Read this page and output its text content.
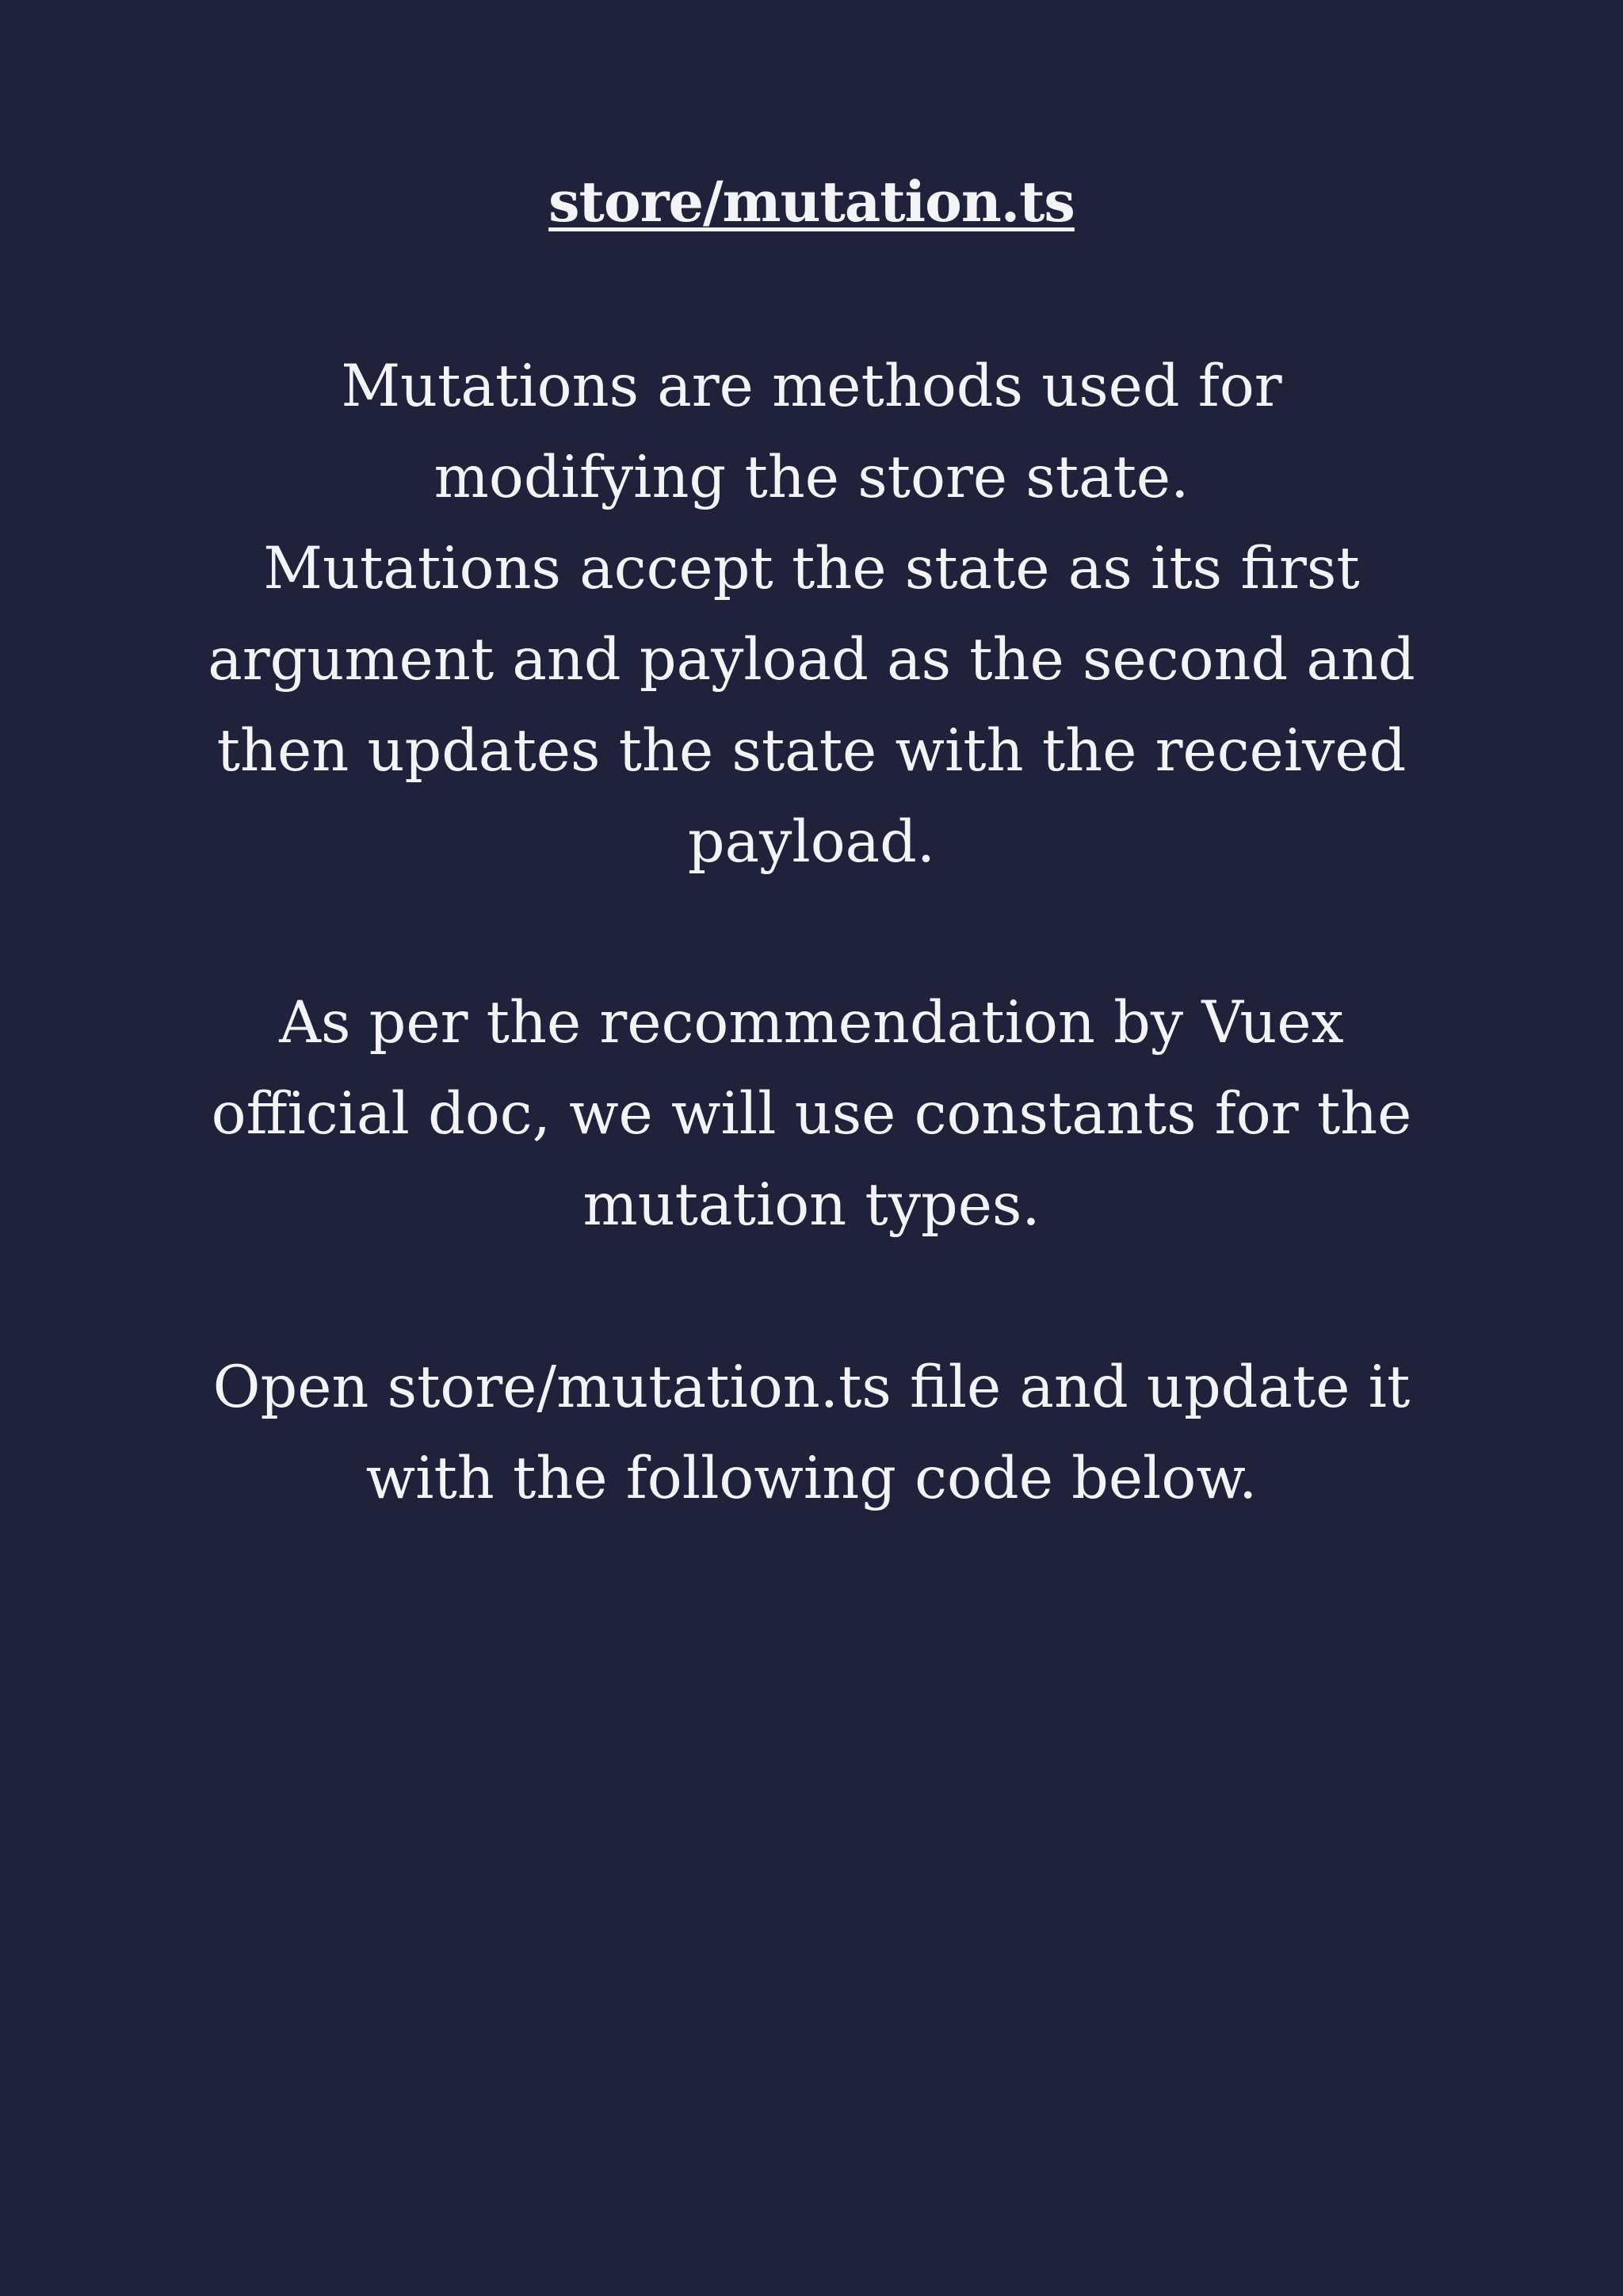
store/mutation.ts

Mutations are methods used for
modifying the store state.
Mutations accept the state as its first
argument and payload as the second and
then updates the state with the received
payload.

As per the recommendation by Vuex
official doc, we will use constants for the
mutation types.

Open store/mutation.ts file and update it
with the following code below.
